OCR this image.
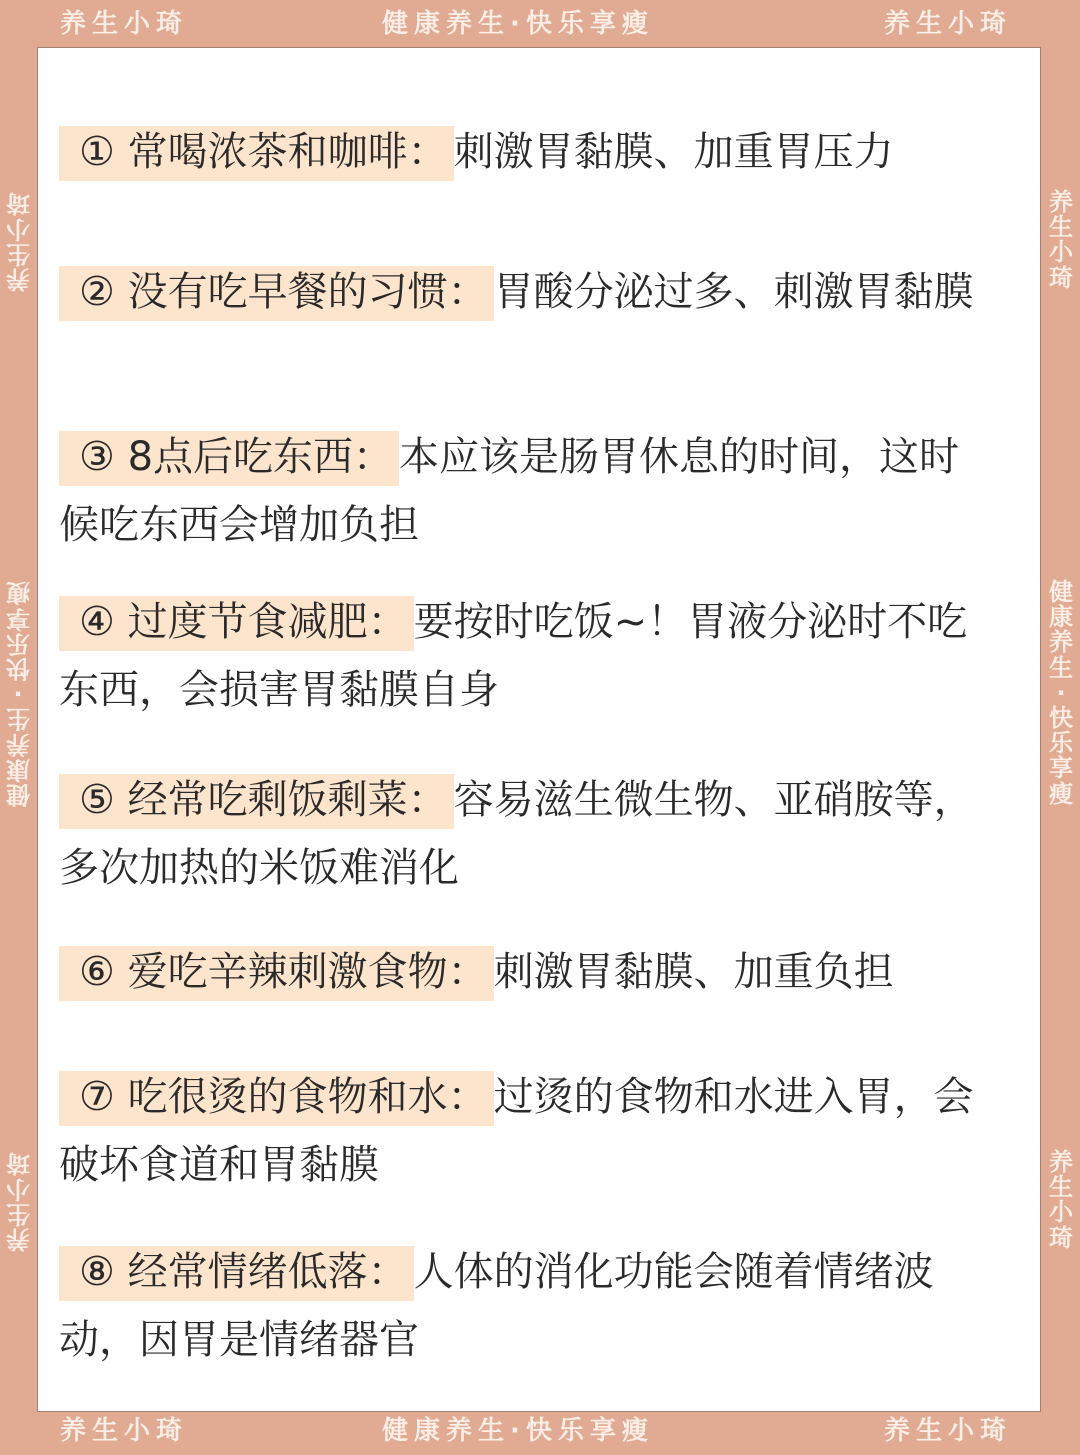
养生小琦	健康养生·快乐享瘦	养生小琦
养生小琦	健康养生·快乐享瘦	养生小琦
养
生
小
琦
健
康
养
生
·
快
乐
享
瘦
养
生
小
琦
养
生
小
琦
健
康
养
生
·
快
乐
享
瘦
养
生
小
琦
① 常喝浓茶和咖啡： 刺激胃黏膜、加重胃压力
② 没有吃早餐的习惯： 胃酸分泌过多、刺激胃黏膜
③ 8点后吃东西： 本应该是肠胃休息的时间，这时候吃东西会增加负担
④ 过度节食减肥： 要按时吃饭~！胃液分泌时不吃东西，会损害胃黏膜自身
⑤ 经常吃剩饭剩菜： 容易滋生微生物、亚硝胺等，多次加热的米饭难消化
⑥ 爱吃辛辣刺激食物： 刺激胃黏膜、加重负担
⑦ 吃很烫的食物和水： 过烫的食物和水进入胃，会破坏食道和胃黏膜
⑧ 经常情绪低落： 人体的消化功能会随着情绪波动，因胃是情绪器官
